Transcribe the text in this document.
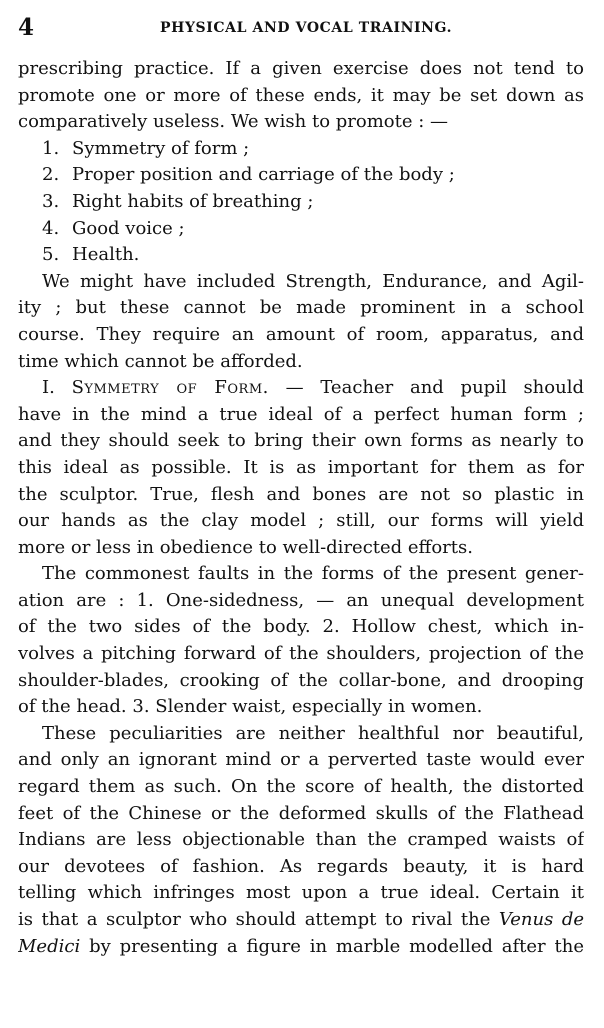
4	PHYSICAL AND VOCAL TRAINING.
prescribing practice. If a given exercise does not tend to
promote one or more of these ends, it may be set down as
comparatively useless. We wish to promote : —
1. Symmetry of form ;
2. Proper position and carriage of the body ;
3. Right habits of breathing ;
4. Good voice ;
5. Health.
We might have included Strength, Endurance, and Agil-
ity ; but these cannot be made prominent in a school
course. They require an amount of room, apparatus, and
time which cannot be afforded.
I. Symmetry of Form. — Teacher and pupil should
have in the mind a true ideal of a perfect human form ;
and they should seek to bring their own forms as nearly to
this ideal as possible. It is as important for them as for
the sculptor. True, flesh and bones are not so plastic in
our hands as the clay model ; still, our forms will yield
more or less in obedience to well-directed efforts.
The commonest faults in the forms of the present gener-
ation are : 1. One-sidedness, — an unequal development
of the two sides of the body. 2. Hollow chest, which in-
volves a pitching forward of the shoulders, projection of the
shoulder-blades, crooking of the collar-bone, and drooping
of the head. 3. Slender waist, especially in women.
These peculiarities are neither healthful nor beautiful,
and only an ignorant mind or a perverted taste would ever
regard them as such. On the score of health, the distorted
feet of the Chinese or the deformed skulls of the Flathead
Indians are less objectionable than the cramped waists of
our devotees of fashion. As regards beauty, it is hard
telling which infringes most upon a true ideal. Certain it
is that a sculptor who should attempt to rival the Venus de
Medici by presenting a figure in marble modelled after the
